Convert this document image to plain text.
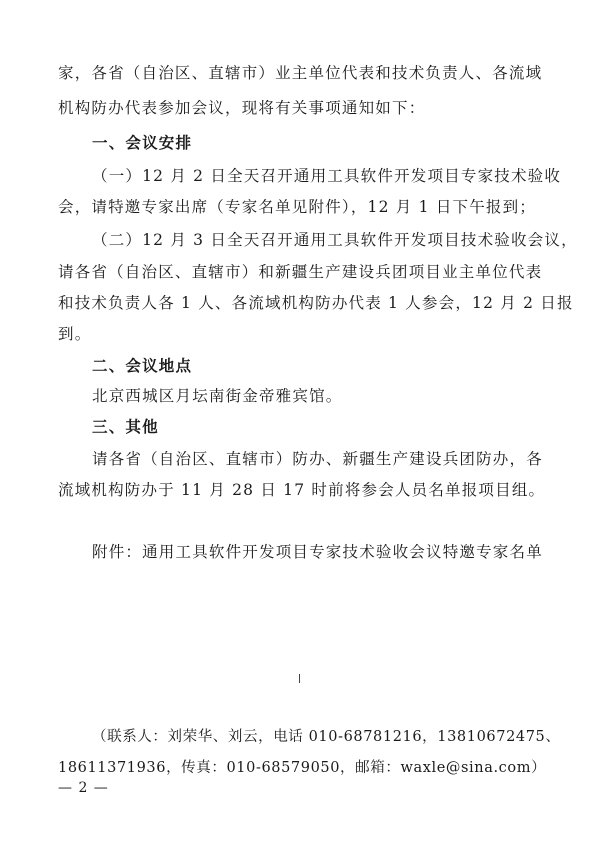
家，各省（自治区、直辖市）业主单位代表和技术负责人、各流域
机构防办代表参加会议，现将有关事项通知如下：
一、会议安排
（一）12 月 2 日全天召开通用工具软件开发项目专家技术验收
会，请特邀专家出席（专家名单见附件），12 月 1 日下午报到；
（二）12 月 3 日全天召开通用工具软件开发项目技术验收会议，
请各省（自治区、直辖市）和新疆生产建设兵团项目业主单位代表
和技术负责人各 1 人、各流域机构防办代表 1 人参会，12 月 2 日报
到。
二、会议地点
北京西城区月坛南街金帝雅宾馆。
三、其他
请各省（自治区、直辖市）防办、新疆生产建设兵团防办，各
流域机构防办于 11 月 28 日 17 时前将参会人员名单报项目组。
附件：通用工具软件开发项目专家技术验收会议特邀专家名单
（联系人：刘荣华、刘云，电话 010-68781216，13810672475、
18611371936，传真：010-68579050，邮箱：waxle@sina.com）
— 2 —
